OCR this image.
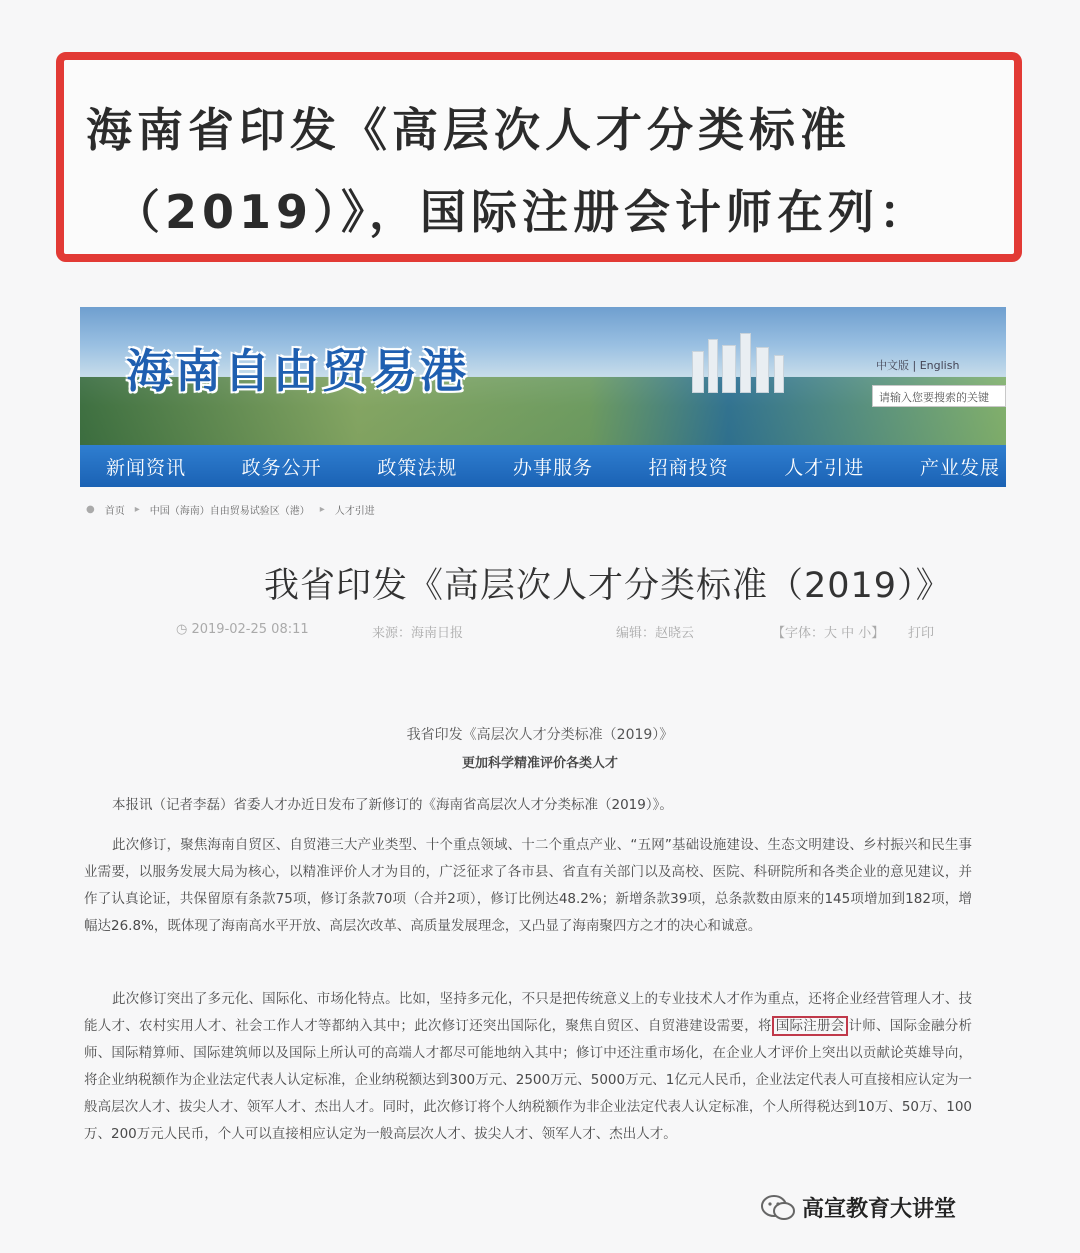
海南省印发《高层次人才分类标准
（2019）》，国际注册会计师在列：
海南自由贸易港	中文版 | English
请输入您要搜索的关键
新闻资讯	政务公开	政策法规	办事服务	招商投资	人才引进	产业发展
● 首页 ▸ 中国（海南）自由贸易试验区（港） ▸ 人才引进
我省印发《高层次人才分类标准（2019）》
◷ 2019-02-25 08:11	来源：海南日报	编辑：赵晓云	【字体：大 中 小】 打印
我省印发《高层次人才分类标准（2019）》
更加科学精准评价各类人才
本报讯（记者李磊）省委人才办近日发布了新修订的《海南省高层次人才分类标准（2019）》。
此次修订，聚焦海南自贸区、自贸港三大产业类型、十个重点领域、十二个重点产业、“五网”基础设施建设、生态文明建设、乡村振兴和民生事业需要，以服务发展大局为核心，以精准评价人才为目的，广泛征求了各市县、省直有关部门以及高校、医院、科研院所和各类企业的意见建议，并作了认真论证，共保留原有条款75项，修订条款70项（合并2项），修订比例达48.2%；新增条款39项，总条款数由原来的145项增加到182项，增幅达26.8%，既体现了海南高水平开放、高层次改革、高质量发展理念，又凸显了海南聚四方之才的决心和诚意。
此次修订突出了多元化、国际化、市场化特点。比如，坚持多元化，不只是把传统意义上的专业技术人才作为重点，还将企业经营管理人才、技能人才、农村实用人才、社会工作人才等都纳入其中；此次修订还突出国际化，聚焦自贸区、自贸港建设需要，将 国际注册会 计师、国际金融分析师、国际精算师、国际建筑师以及国际上所认可的高端人才都尽可能地纳入其中；修订中还注重市场化，在企业人才评价上突出以贡献论英雄导向，将企业纳税额作为企业法定代表人认定标准，企业纳税额达到300万元、2500万元、5000万元、1亿元人民币，企业法定代表人可直接相应认定为一般高层次人才、拔尖人才、领军人才、杰出人才。同时，此次修订将个人纳税额作为非企业法定代表人认定标准，个人所得税达到10万、50万、100万、200万元人民币，个人可以直接相应认定为一般高层次人才、拔尖人才、领军人才、杰出人才。
高宣教育大讲堂
